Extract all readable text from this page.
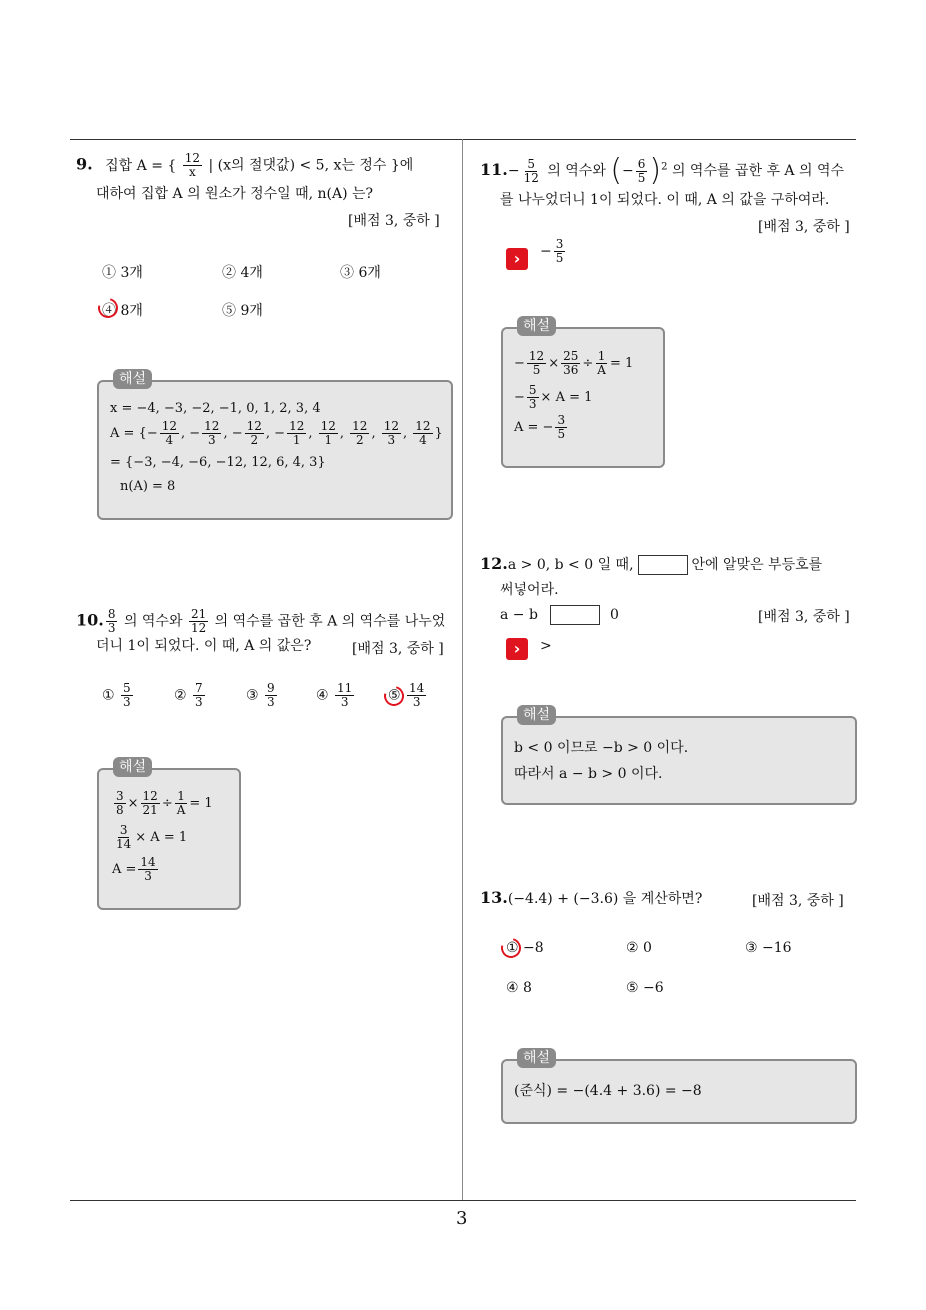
3
9. 집합 A = { $\frac{12}{x}$ | (x의 절댓값) < 5, x는 정수 }에
대하여 집합 A 의 원소가 정수일 때, n(A) 는?
[배점 3, 중하 ]
① 3개	② 4개	③ 6개
④ 8개	⑤ 9개
해설
x = −4, −3, −2, −1, 0, 1, 2, 3, 4
A = {− $\frac{12}{4}$ , − $\frac{12}{3}$ , − $\frac{12}{2}$ , − $\frac{12}{1}$ , $\frac{12}{1}$ , $\frac{12}{2}$ , $\frac{12}{3}$ , $\frac{12}{4}$ }
= {−3, −4, −6, −12, 12, 6, 4, 3}
n(A) = 8
10. $\frac{8}{3}$ 의 역수와 $\frac{21}{12}$ 의 역수를 곱한 후 A 의 역수를 나누었
더니 1이 되었다. 이 때, A 의 값은?	[배점 3, 중하 ]
① $\frac{5}{3}$	② $\frac{7}{3}$	③ $\frac{9}{3}$	④ $\frac{11}{3}$ ⑤ $\frac{14}{3}$
해설
$\frac{3}{8} \times \frac{12}{21} \div \frac{1}{A} = 1$
$\frac{3}{14} \times A = 1$
$A = \frac{14}{3}$
$11.- \frac{5}{12}$ 의 역수와 (− $\frac{6}{5} )^2$ 의 역수를 곱한 후 A 의 역수
를 나누었더니 1이 되었다. 이 때, A 의 값을 구하여라.
[배점 3, 중하 ]
›	− $\frac{3}{5}$
해설
− $\frac{12}{5} \times \frac{25}{36} \div \frac{1}{A} = 1$
− $\frac{5}{3} \times A = 1$
A = − $\frac{3}{5}$
12.a > 0, b < 0 일 때,	안에 알맞은 부등호를
써넣어라.
a − b	0	[배점 3, 중하 ]
›	>
해설
b < 0 이므로 −b > 0 이다.
따라서 a − b > 0 이다.
13.(−4.4) + (−3.6) 을 계산하면?	[배점 3, 중하 ]
① −8	② 0	③ −16
④ 8	⑤ −6
해설
(준식) = −(4.4 + 3.6) = −8
